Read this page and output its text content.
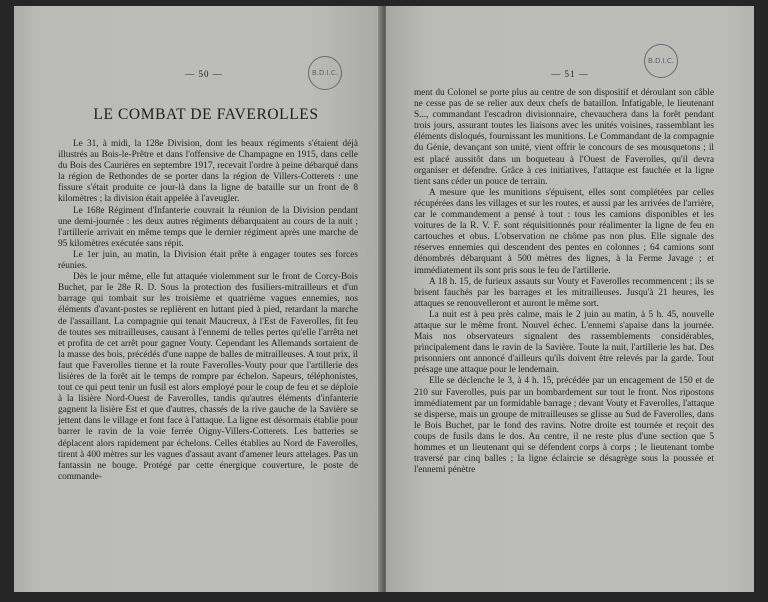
— 50 —	B.D.I.C.
LE COMBAT DE FAVEROLLES

Le 31, à midi, la 128e Division, dont les beaux régiments s'étaient déjà illustrés au Bois-le-Prêtre et dans l'offensive de Champagne en 1915, dans celle du Bois des Caurières en septembre 1917, recevait l'ordre à peine débarqué dans la région de Rethondes de se porter dans la région de Villers-Cotterets : une fissure s'était produite ce jour-là dans la ligne de bataille sur un front de 8 kilomètres ; la division était appelée à l'aveugler.

Le 168e Régiment d'Infanterie couvrait la réunion de la Division pendant une demi-journée : les deux autres régiments débarquaient au cours de la nuit ; l'artillerie arrivait en même temps que le dernier régiment après une marche de 95 kilomètres exécutée sans répit.

Le 1er juin, au matin, la Division était prête à engager toutes ses forces réunies.

Dès le jour même, elle fut attaquée violemment sur le front de Corcy-Bois Buchet, par le 28e R. D. Sous la protection des fusiliers-mitrailleurs et d'un barrage qui tombait sur les troisième et quatrième vagues ennemies, nos éléments d'avant-postes se replièrent en luttant pied à pied, retardant la marche de l'assaillant. La compagnie qui tenait Maucreux, à l'Est de Faverolles, fit feu de toutes ses mitrailleuses, causant à l'ennemi de telles pertes qu'elle l'arrêta net et profita de cet arrêt pour gagner Vouty. Cependant les Allemands sortaient de la masse des bois, précédés d'une nappe de balles de mitrailleuses. A tout prix, il faut que Faverolles tienne et la route Faverolles-Vouty pour que l'artillerie des lisières de la forêt ait le temps de rompre par échelon. Sapeurs, téléphonistes, tout ce qui peut tenir un fusil est alors employé pour le coup de feu et se déploie à la lisière Nord-Ouest de Faverolles, tandis qu'autres éléments d'infanterie gagnent la lisière Est et que d'autres, chassés de la rive gauche de la Savière se jettent dans le village et font face à l'attaque. La ligne est désormais établie pour barrer le ravin de la voie ferrée Oigny-Villers-Cotterets. Les batteries se déplacent alors rapidement par échelons. Celles établies au Nord de Faverolles, tirent à 400 mètres sur les vagues d'assaut avant d'amener leurs attelages. Pas un fantassin ne bouge. Protégé par cette énergique couverture, le poste de commande-

— 51 —
B.D.I.C.

ment du Colonel se porte plus au centre de son dispositif et déroulant son câble ne cesse pas de se relier aux deux chefs de bataillon. Infatigable, le lieutenant S..., commandant l'escadron divisionnaire, chevauchera dans la forêt pendant trois jours, assurant toutes les liaisons avec les unités voisines, rassemblant les éléments disloqués, fournissant les munitions. Le Commandant de la compagnie du Génie, devançant son unité, vient offrir le concours de ses mousquetons ; il est placé aussitôt dans un boqueteau à l'Ouest de Faverolles, qu'il devra organiser et défendre. Grâce à ces initiatives, l'attaque est fauchée et la ligne tient sans céder un pouce de terrain.

A mesure que les munitions s'épuisent, elles sont complétées par celles récupérées dans les villages et sur les routes, et aussi par les arrivées de l'arrière, car le commandement a pensé à tout : tous les camions disponibles et les voitures de la R. V. F. sont réquisitionnés pour réalimenter la ligne de feu en cartouches et obus. L'observation ne chôme pas non plus. Elle signale des réserves ennemies qui descendent des pentes en colonnes ; 64 camions sont dénombrés débarquant à 500 mètres des lignes, à la Ferme Javage ; et immédiatement ils sont pris sous le feu de l'artillerie.

A 18 h. 15, de furieux assauts sur Vouty et Faverolles recommencent ; ils se brisent fauchés par les barrages et les mitrailleuses. Jusqu'à 21 heures, les attaques se renouvelleront et auront le même sort.

La nuit est à peu près calme, mais le 2 juin au matin, à 5 h. 45, nouvelle attaque sur le même front. Nouvel échec. L'ennemi s'apaise dans la journée. Mais nos observateurs signalent des rassemblements considérables, principalement dans le ravin de la Savière. Toute la nuit, l'artillerie les bat. Des prisonniers ont annoncé d'ailleurs qu'ils doivent être relevés par la garde. Tout présage une attaque pour le lendemain.

Elle se déclenche le 3, à 4 h. 15, précédée par un encagement de 150 et de 210 sur Faverolles, puis par un bombardement sur tout le front. Nos ripostons immédiatement par un formidable barrage ; devant Vouty et Faverolles, l'attaque se disperse, mais un groupe de mitrailleuses se glisse au Sud de Faverolles, dans le Bois Buchet, par le fond des ravins. Notre droite est tournée et reçoit des coups de fusils dans le dos. Au centre, il ne reste plus d'une section que 5 hommes et un lieutenant qui se défendent corps à corps ; le lieutenant tombe traversé par cinq balles ; la ligne éclaircie se désagrège sous la poussée et l'ennemi pénètre
